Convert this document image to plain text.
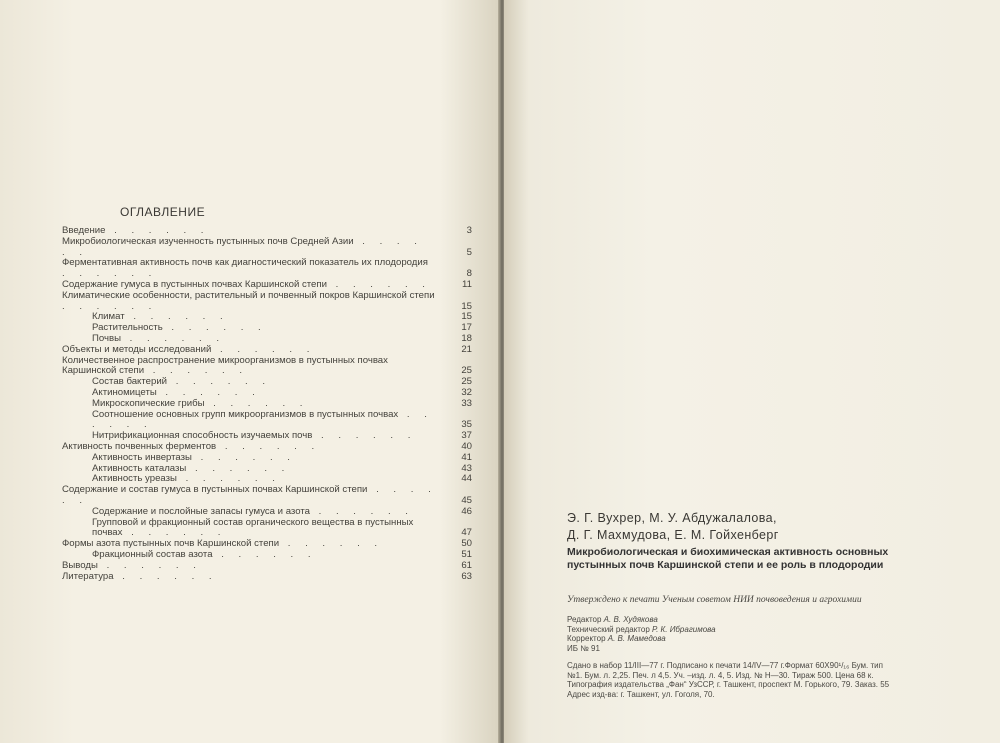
ОГЛАВЛЕНИЕ
Введение . . . . . .	3
Микробиологическая изученность пустынных почв Средней Азии . . . . . .	5
Ферментативная активность почв как диагностический показатель их плодородия . . . . . .	8
Содержание гумуса в пустынных почвах Каршинской степи . . . . . .	11
Климатические особенности, растительный и почвенный покров Каршинской степи . . . . . .	15
Климат . . . . . .	15
Растительность . . . . . .	17
Почвы . . . . . .	18
Объекты и методы исследований . . . . . .	21
Количественное распространение микроорганизмов в пустынных почвах Каршинской степи . . . . . .	25
Состав бактерий . . . . . .	25
Актиномицеты . . . . . .	32
Микроскопические грибы . . . . . .	33
Соотношение основных групп микроорганизмов в пустынных почвах . . . . . .	35
Нитрификационная способность изучаемых почв . . . . . .	37
Активность почвенных ферментов . . . . . .	40
Активность инвертазы . . . . . .	41
Активность каталазы . . . . . .	43
Активность уреазы . . . . . .	44
Содержание и состав гумуса в пустынных почвах Каршинской степи . . . . . .	45
Содержание и послойные запасы гумуса и азота . . . . . .	46
Групповой и фракционный состав органического вещества в пустынных почвах . . . . . .	47
Формы азота пустынных почв Каршинской степи . . . . . .	50
Фракционный состав азота . . . . . .	51
Выводы . . . . . .	61
Литература . . . . . .	63
Э. Г. Вухрер, М. У. Абдужалалова,
Д. Г. Махмудова, Е. М. Гойхенберг
Микробиологическая и биохимическая активность основных
пустынных почв Каршинской степи и ее роль в плодородии
Утверждено к печати Ученым советом НИИ почвоведения и агрохимии
Редактор А. В. Худякова
Технический редактор Р. К. Ибрагимова
Корректор А. В. Мамедова
ИБ № 91
Сдано в набор 11/III—77 г. Подписано к печати 14/IV—77 г.Формат 60Х90¹/₁₆ Бум. тип
№1. Бум. л. 2,25. Печ. л 4,5. Уч. –изд. л. 4, 5. Изд. № Н—30. Тираж 500. Цена 68 к.
Типография издательства „Фан“ УзССР, г. Ташкент, проспект М. Горького, 79. Заказ. 55
Адрес изд-ва: г. Ташкент, ул. Гоголя, 70.
